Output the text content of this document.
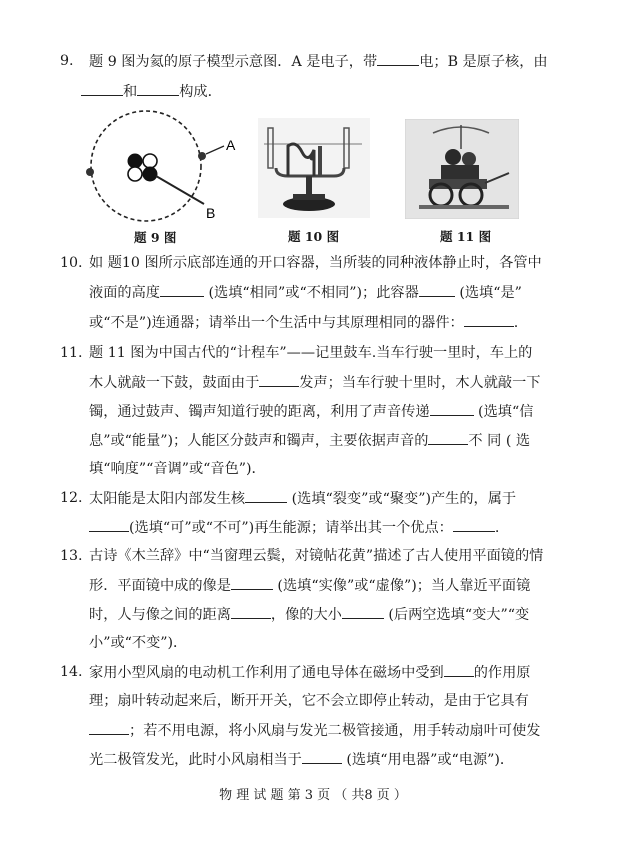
9. 题 9 图为氦的原子模型示意图．A 是电子，带	电；B 是原子核，由
和	构成．
A
B
题 9 图	题 10 图	题 11 图
10. 如 题10 图所示底部连通的开口容器，当所装的同种液体静止时，各管中
液面的高度	(选填“相同”或“不相同”)；此容器	(选填“是”
或“不是”)连通器；请举出一个生活中与其原理相同的器件：	.
11. 题 11 图为中国古代的“计程车”——记里鼓车.当车行驶一里时，车上的
木人就敲一下鼓，鼓面由于	发声；当车行驶十里时，木人就敲一下
镯，通过鼓声、镯声知道行驶的距离，利用了声音传递	(选填“信
息”或“能量”)；人能区分鼓声和镯声，主要依据声音的	不 同 ( 选
填“响度”“音调”或“音色”)．
12. 太阳能是太阳内部发生核	(选填“裂变”或“聚变”)产生的，属于
(选填“可”或“不可”)再生能源；请举出其一个优点：	.
13. 古诗《木兰辞》中“当窗理云鬓，对镜帖花黄”描述了古人使用平面镜的情
形．平面镜中成的像是	(选填“实像”或“虚像”)；当人靠近平面镜
时，人与像之间的距离	，像的大小	(后两空选填“变大”“变
小”或“不变”)．
14. 家用小型风扇的电动机工作利用了通电导体在磁场中受到 的作用原
理；扇叶转动起来后，断开开关，它不会立即停止转动，是由于它具有
；若不用电源，将小风扇与发光二极管接通，用手转动扇叶可使发
光二极管发光，此时小风扇相当于	(选填“用电器”或“电源”)．
物 理 试 题 第 3 页 （ 共8 页 ）
